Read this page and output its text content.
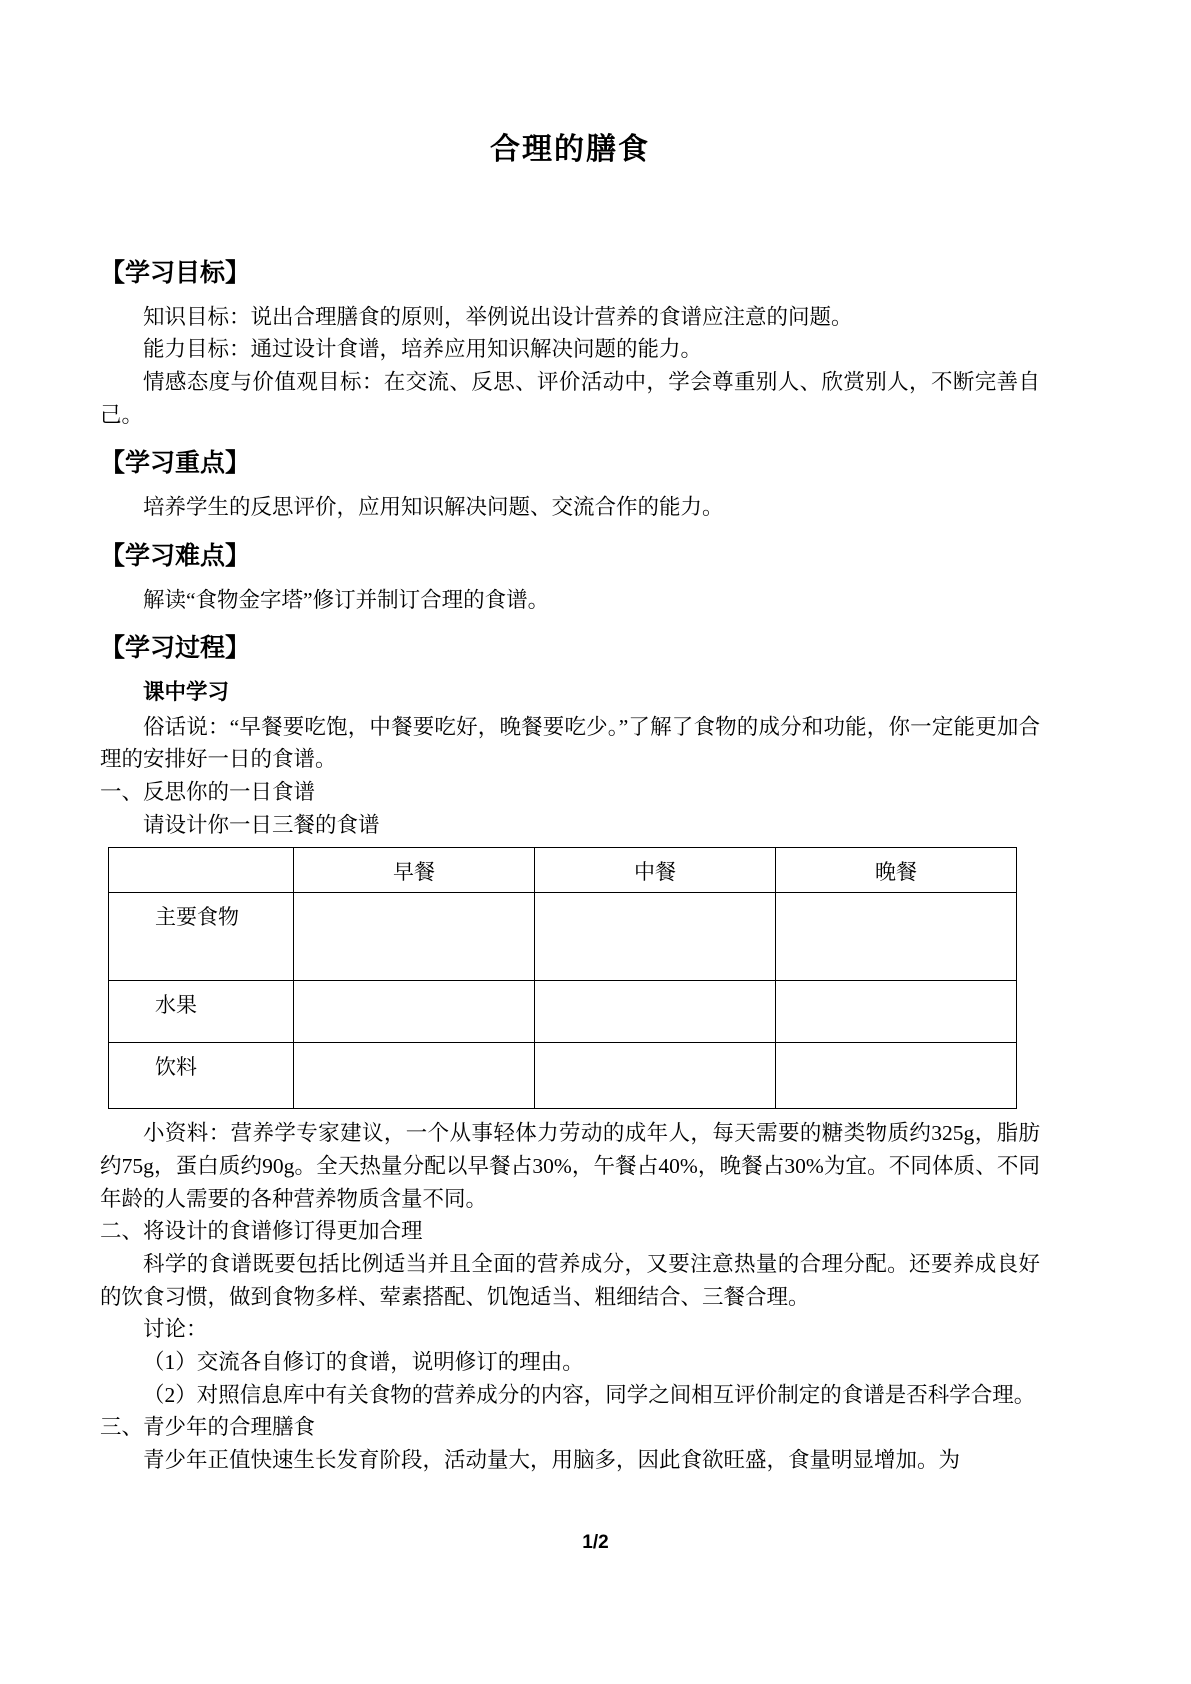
合理的膳食
【学习目标】

知识目标：说出合理膳食的原则，举例说出设计营养的食谱应注意的问题。

能力目标：通过设计食谱，培养应用知识解决问题的能力。

情感态度与价值观目标：在交流、反思、评价活动中，学会尊重别人、欣赏别人，不断完善自己。

【学习重点】

培养学生的反思评价，应用知识解决问题、交流合作的能力。

【学习难点】

解读“食物金字塔”修订并制订合理的食谱。

【学习过程】
课中学习

俗话说：“早餐要吃饱，中餐要吃好，晚餐要吃少。”了解了食物的成分和功能，你一定能更加合理的安排好一日的食谱。

一、反思你的一日食谱

请设计你一日三餐的食谱

	早餐	中餐	晚餐
主要食物			
水果			
饮料			

小资料：营养学专家建议，一个从事轻体力劳动的成年人，每天需要的糖类物质约325g，脂肪约75g，蛋白质约90g。全天热量分配以早餐占30%，午餐占40%，晚餐占30%为宜。不同体质、不同年龄的人需要的各种营养物质含量不同。

二、将设计的食谱修订得更加合理

科学的食谱既要包括比例适当并且全面的营养成分，又要注意热量的合理分配。还要养成良好的饮食习惯，做到食物多样、荤素搭配、饥饱适当、粗细结合、三餐合理。

讨论：

（1）交流各自修订的食谱，说明修订的理由。

（2）对照信息库中有关食物的营养成分的内容，同学之间相互评价制定的食谱是否科学合理。

三、青少年的合理膳食

青少年正值快速生长发育阶段，活动量大，用脑多，因此食欲旺盛，食量明显增加。为

1/2
